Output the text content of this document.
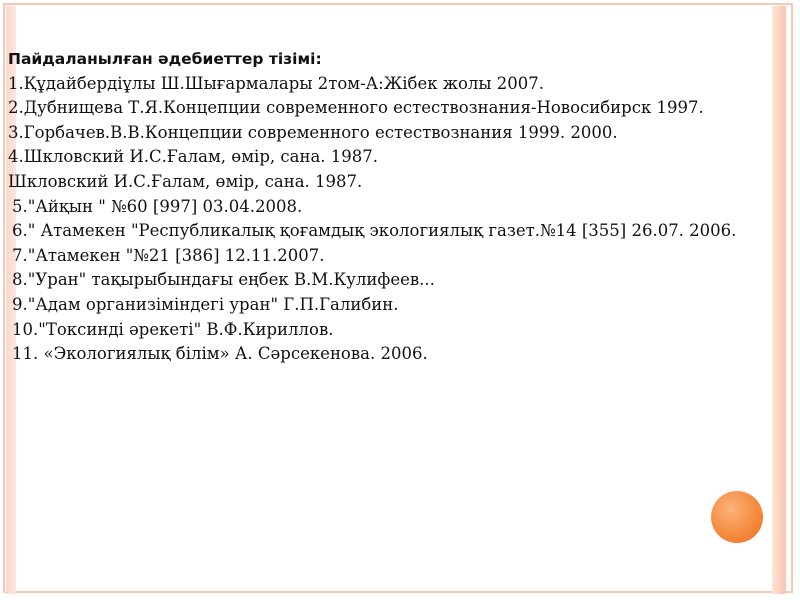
Пайдаланылған әдебиеттер тізімі:
1.Құдайбердіұлы Ш.Шығармалары 2том-А:Жібек жолы 2007.
2.Дубнищева Т.Я.Концепции современного естествознания-Новосибирск 1997.
3.Горбачев.В.В.Концепции современного естествознания 1999. 2000.
4.Шкловский И.С.Ғалам, өмір, сана. 1987.
Шкловский И.С.Ғалам, өмір, сана. 1987.
5."Айқын " №60 [997] 03.04.2008.
6." Атамекен "Республикалық қоғамдық экологиялық газет.№14 [355] 26.07. 2006.
7."Атамекен "№21 [386] 12.11.2007.
8."Уран" тақырыбындағы еңбек В.М.Кулифеев...
9."Адам организіміндегі уран" Г.П.Галибин.
10."Токсинді әрекеті" В.Ф.Кириллов.
11. «Экологиялық білім» А. Сәрсекенова. 2006.
